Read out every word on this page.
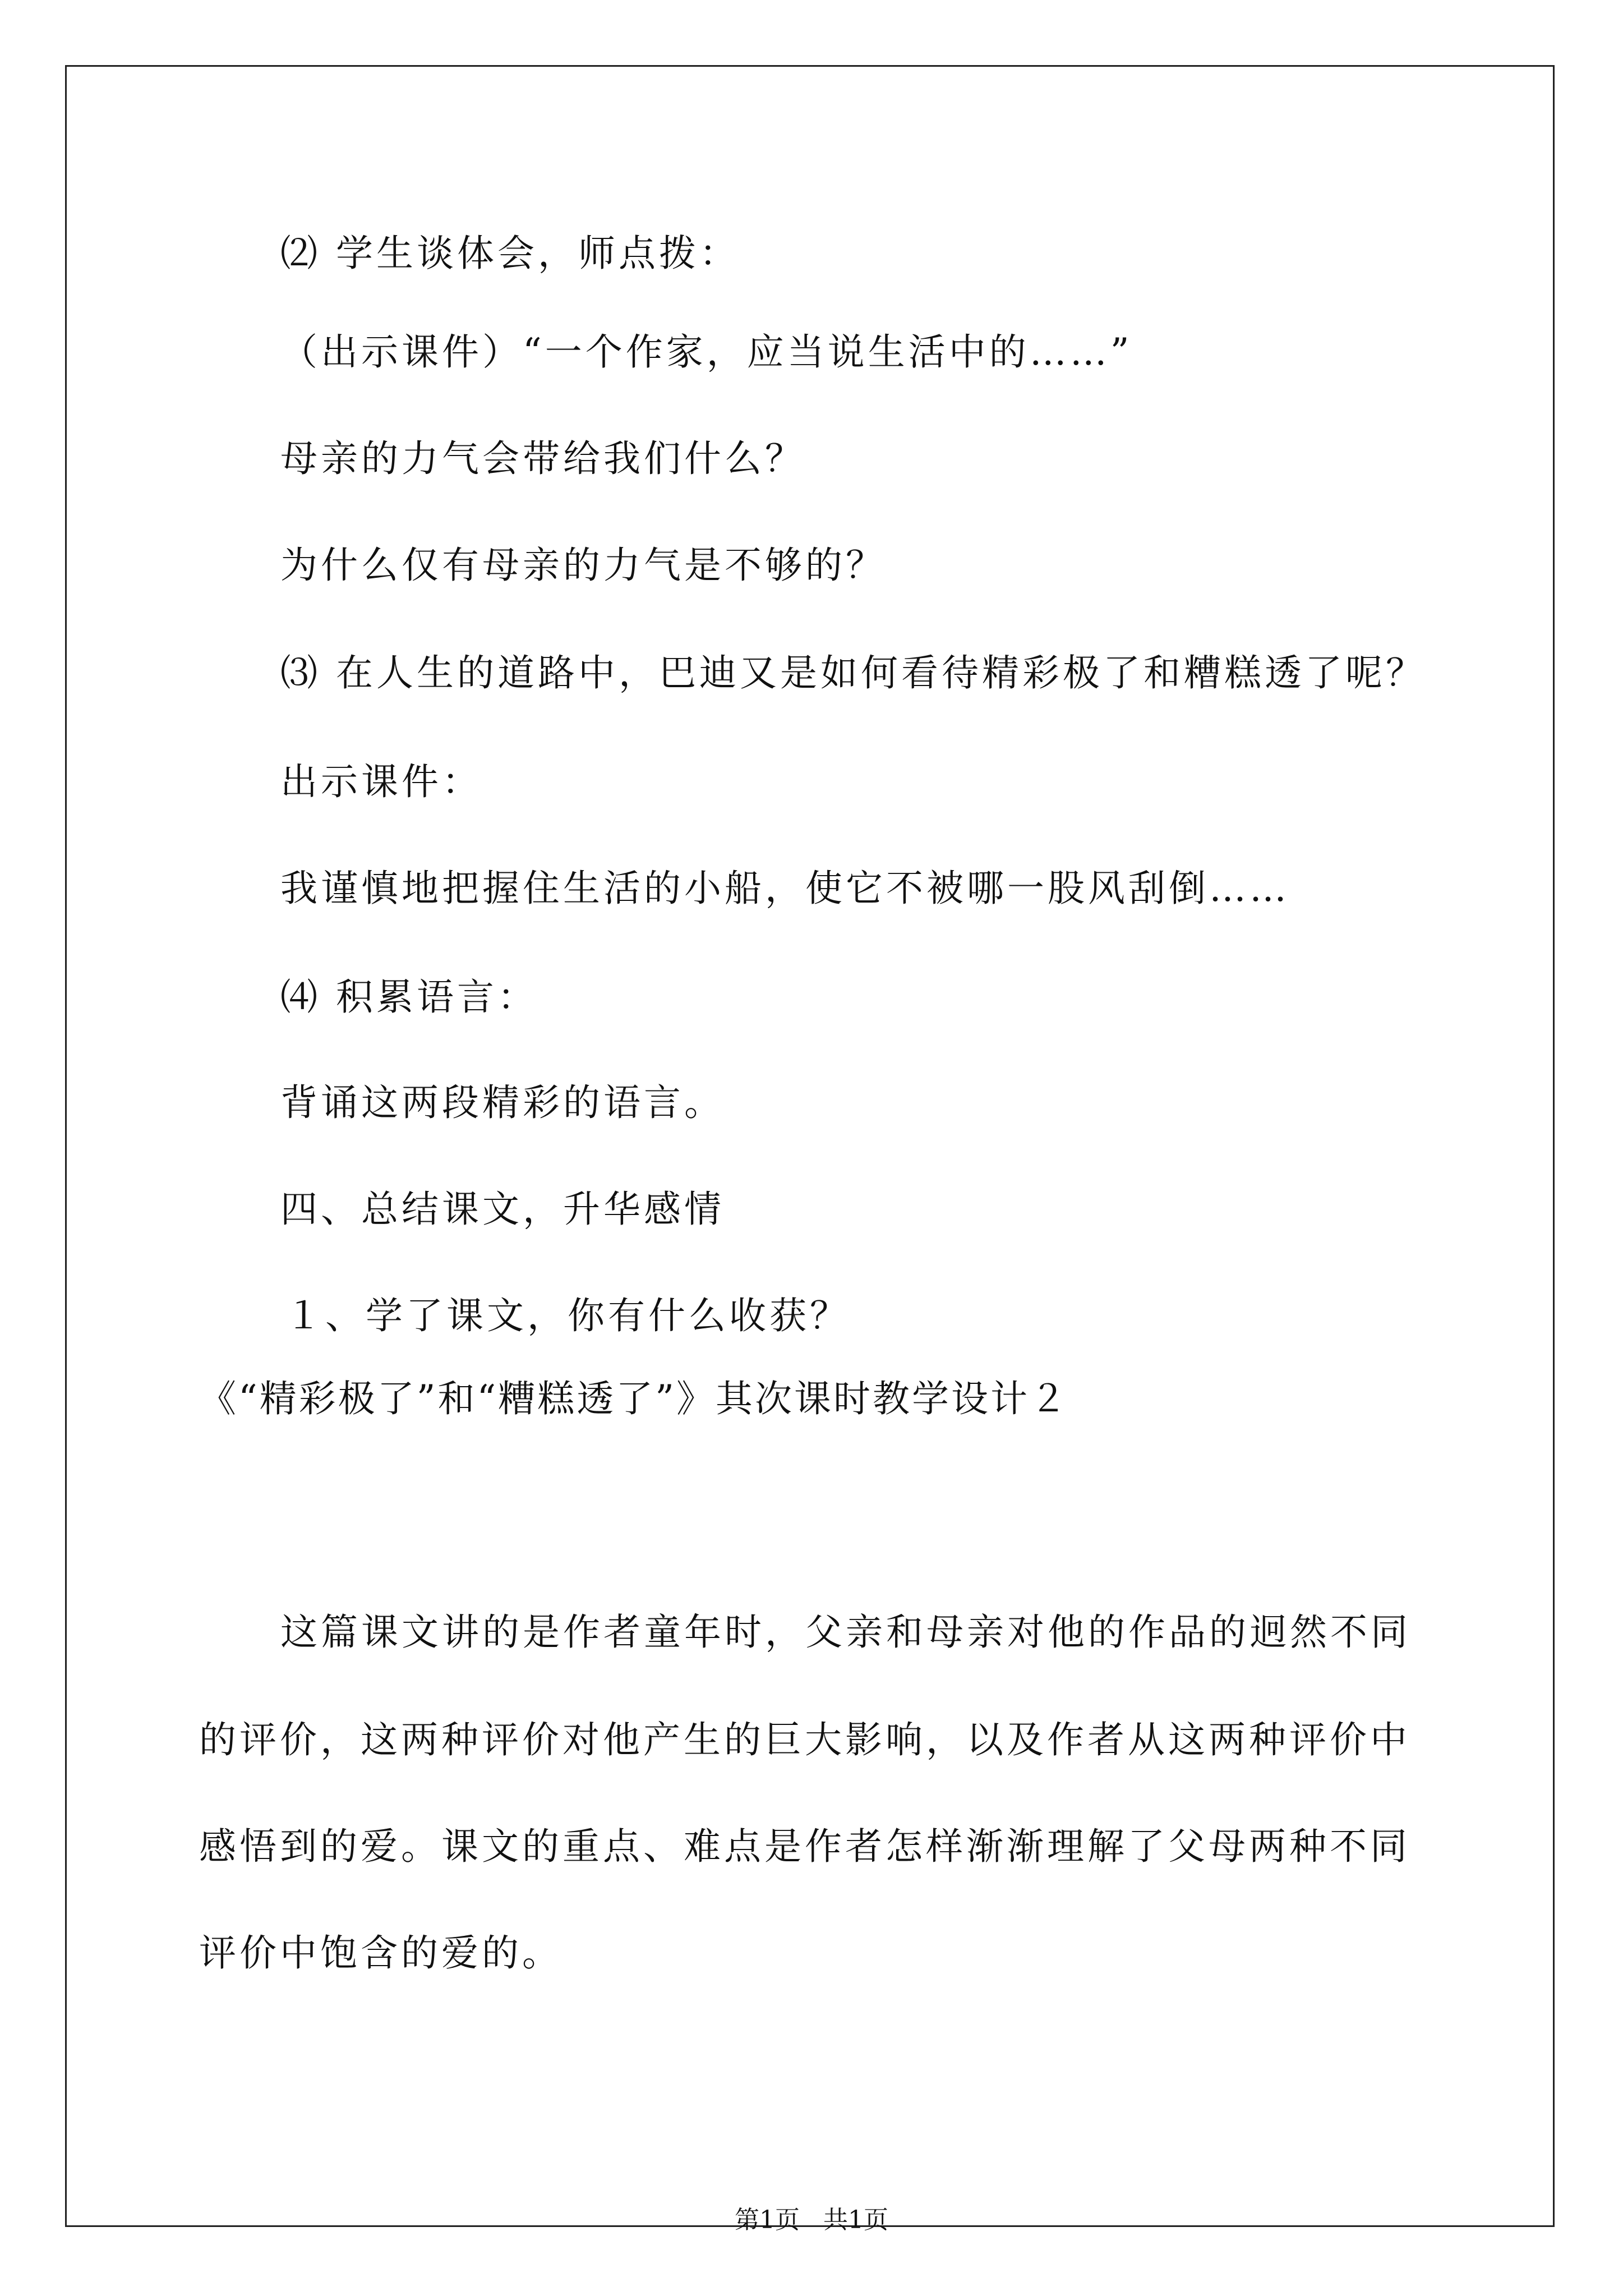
⑵ 学生谈体会，师点拨：
（出示课件）“一个作家，应当说生活中的……”
母亲的力气会带给我们什么？
为什么仅有母亲的力气是不够的？
⑶ 在人生的道路中，巴迪又是如何看待精彩极了和糟糕透了呢？
出示课件：
我谨慎地把握住生活的小船，使它不被哪一股风刮倒……
⑷ 积累语言：
背诵这两段精彩的语言。
四、总结课文，升华感情
１、学了课文，你有什么收获？
《“精彩极了”和“糟糕透了”》其次课时教学设计２
这篇课文讲的是作者童年时，父亲和母亲对他的作品的迥然不同
的评价，这两种评价对他产生的巨大影响，以及作者从这两种评价中
感悟到的爱。课文的重点、难点是作者怎样渐渐理解了父母两种不同
评价中饱含的爱的。
第1页   共1页
